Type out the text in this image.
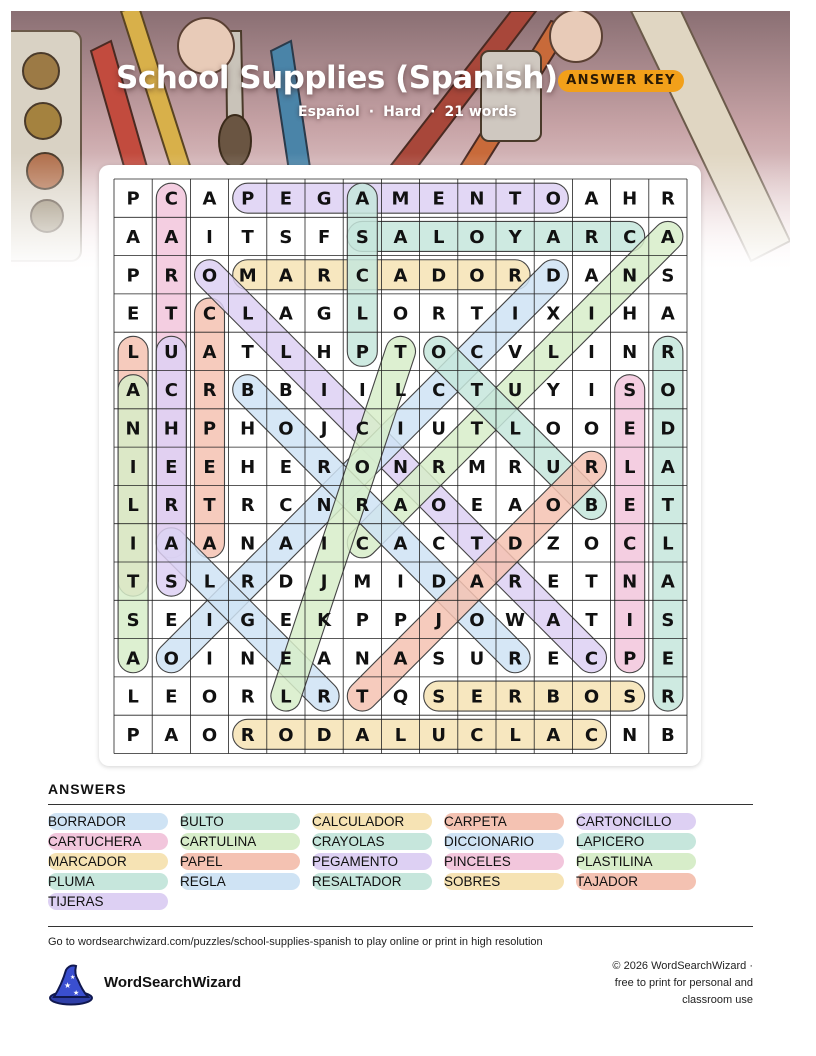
School Supplies (Spanish) ANSWER KEY
Español · Hard · 21 words
P C A P E G A M E N T O A H R
A A I T S F S A L O Y A R C A
P R O M A R C A D O R D A N S
E T C L A G L O R T I X I H A
L U A T L H P T O C V L I N R
A C R B B I I L C T U Y I S O
N H P H O J C I U T L O O E D
I E E H E R O N R M R U R L A
L R T R C N R A O E A O B E T
I A A N A I C A C T D Z O C L
T S L R D J M I D A R E T N A
S E I G E K P P J O W A T I S
A O I N E A N A S U R E C P E
L E O R L R T Q S E R B O S R
P A O R O D A L U C L A C N B
ANSWERS
BORRADOR
CARTUCHERA
MARCADOR
PLUMA
TIJERAS
BULTO
CARTULINA
PAPEL
REGLA
CALCULADOR
CRAYOLAS
PEGAMENTO
RESALTADOR
CARPETA
DICCIONARIO
PINCELES
SOBRES
CARTONCILLO
LAPICERO
PLASTILINA
TAJADOR
Go to wordsearchwizard.com/puzzles/school-supplies-spanish to play online or print in high resolution
★
★
★ WordSearchWizard
© 2026 WordSearchWizard ·
free to print for personal and
classroom use
